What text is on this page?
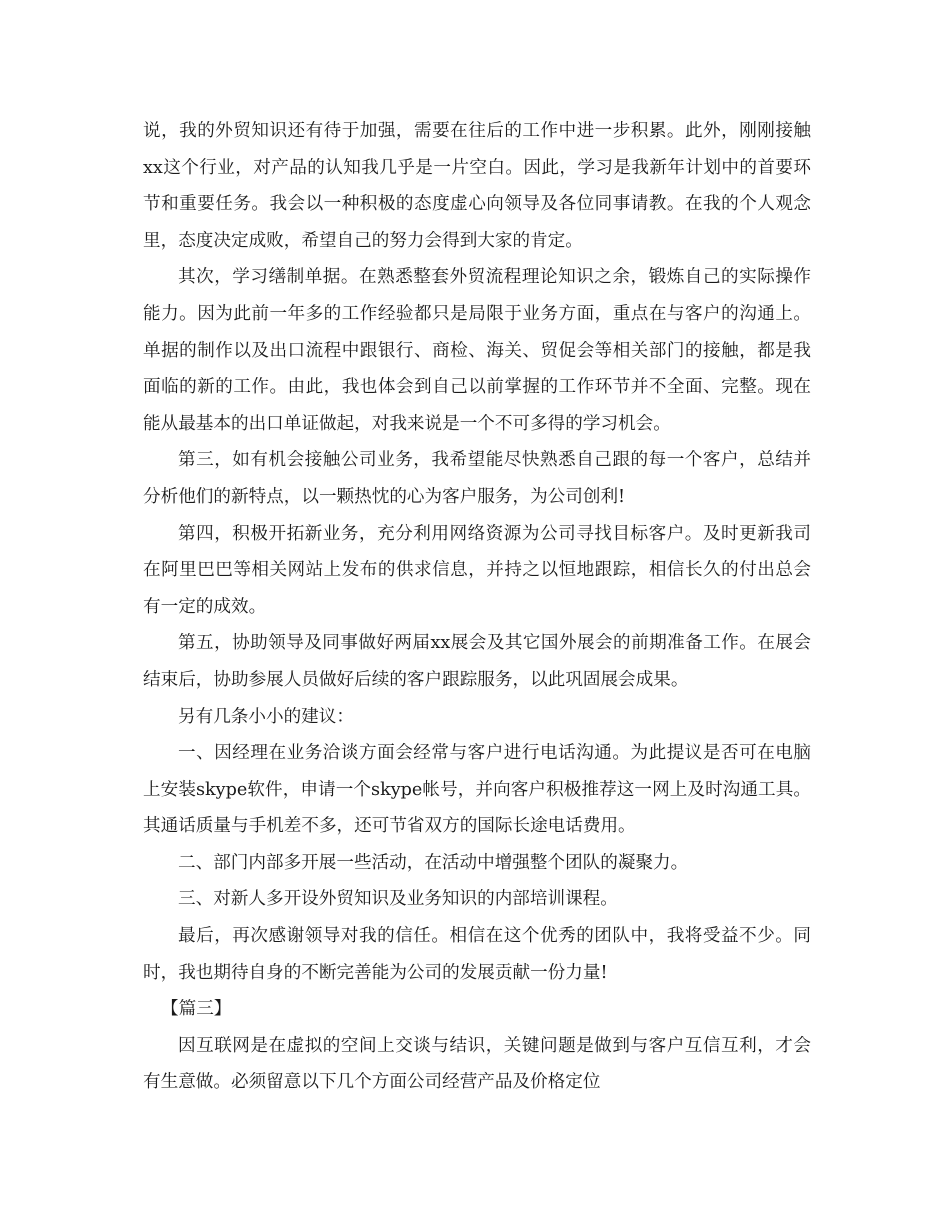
说，我的外贸知识还有待于加强，需要在往后的工作中进一步积累。此外，刚刚接触xx这个行业，对产品的认知我几乎是一片空白。因此，学习是我新年计划中的首要环节和重要任务。我会以一种积极的态度虚心向领导及各位同事请教。在我的个人观念里，态度决定成败，希望自己的努力会得到大家的肯定。

其次，学习缮制单据。在熟悉整套外贸流程理论知识之余，锻炼自己的实际操作能力。因为此前一年多的工作经验都只是局限于业务方面，重点在与客户的沟通上。单据的制作以及出口流程中跟银行、商检、海关、贸促会等相关部门的接触，都是我面临的新的工作。由此，我也体会到自己以前掌握的工作环节并不全面、完整。现在能从最基本的出口单证做起，对我来说是一个不可多得的学习机会。

第三，如有机会接触公司业务，我希望能尽快熟悉自己跟的每一个客户，总结并分析他们的新特点，以一颗热忱的心为客户服务，为公司创利!

第四，积极开拓新业务，充分利用网络资源为公司寻找目标客户。及时更新我司在阿里巴巴等相关网站上发布的供求信息，并持之以恒地跟踪，相信长久的付出总会有一定的成效。

第五，协助领导及同事做好两届xx展会及其它国外展会的前期准备工作。在展会结束后，协助参展人员做好后续的客户跟踪服务，以此巩固展会成果。

另有几条小小的建议：

一、因经理在业务洽谈方面会经常与客户进行电话沟通。为此提议是否可在电脑上安装skype软件，申请一个skype帐号，并向客户积极推荐这一网上及时沟通工具。其通话质量与手机差不多，还可节省双方的国际长途电话费用。

二、部门内部多开展一些活动，在活动中增强整个团队的凝聚力。

三、对新人多开设外贸知识及业务知识的内部培训课程。

最后，再次感谢领导对我的信任。相信在这个优秀的团队中，我将受益不少。同时，我也期待自身的不断完善能为公司的发展贡献一份力量!

【篇三】

因互联网是在虚拟的空间上交谈与结识，关键问题是做到与客户互信互利，才会有生意做。必须留意以下几个方面公司经营产品及价格定位
